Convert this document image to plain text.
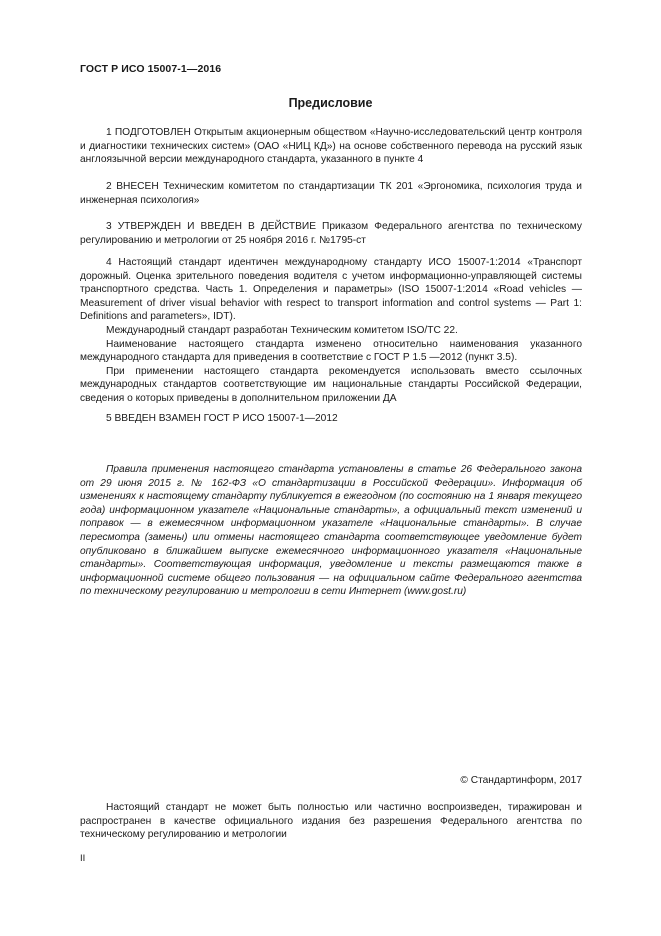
ГОСТ Р ИСО 15007-1—2016
Предисловие

1 ПОДГОТОВЛЕН Открытым акционерным обществом «Научно-исследовательский центр контроля и диагностики технических систем» (ОАО «НИЦ КД») на основе собственного перевода на русский язык англоязычной версии международного стандарта, указанного в пункте 4

2 ВНЕСЕН Техническим комитетом по стандартизации ТК 201 «Эргономика, психология труда и инженерная психология»

3 УТВЕРЖДЕН И ВВЕДЕН В ДЕЙСТВИЕ Приказом Федерального агентства по техническому регулированию и метрологии от 25 ноября 2016 г. №1795-ст

4 Настоящий стандарт идентичен международному стандарту ИСО 15007-1:2014 «Транспорт дорожный. Оценка зрительного поведения водителя с учетом информационно-управляющей системы транспортного средства. Часть 1. Определения и параметры» (ISO 15007-1:2014 «Road vehicles — Measurement of driver visual behavior with respect to transport information and control systems — Part 1: Definitions and parameters», IDT).

Международный стандарт разработан Техническим комитетом ISO/TC 22.

Наименование настоящего стандарта изменено относительно наименования указанного международного стандарта для приведения в соответствие с ГОСТ Р 1.5 —2012 (пункт 3.5).

При применении настоящего стандарта рекомендуется использовать вместо ссылочных международных стандартов соответствующие им национальные стандарты Российской Федерации, сведения о которых приведены в дополнительном приложении ДА

5 ВВЕДЕН ВЗАМЕН ГОСТ Р ИСО 15007-1—2012

Правила применения настоящего стандарта установлены в статье 26 Федерального закона от 29 июня 2015 г. № 162-ФЗ «О стандартизации в Российской Федерации». Информация об изменениях к настоящему стандарту публикуется в ежегодном (по состоянию на 1 января текущего года) информационном указателе «Национальные стандарты», а официальный текст изменений и поправок — в ежемесячном информационном указателе «Национальные стандарты». В случае пересмотра (замены) или отмены настоящего стандарта соответствующее уведомление будет опубликовано в ближайшем выпуске ежемесячного информационного указателя «Национальные стандарты». Соответствующая информация, уведомление и тексты размещаются также в информационной системе общего пользования — на официальном сайте Федерального агентства по техническому регулированию и метрологии в сети Интернет (www.gost.ru)

© Стандартинформ, 2017

Настоящий стандарт не может быть полностью или частично воспроизведен, тиражирован и распространен в качестве официального издания без разрешения Федерального агентства по техническому регулированию и метрологии

II
